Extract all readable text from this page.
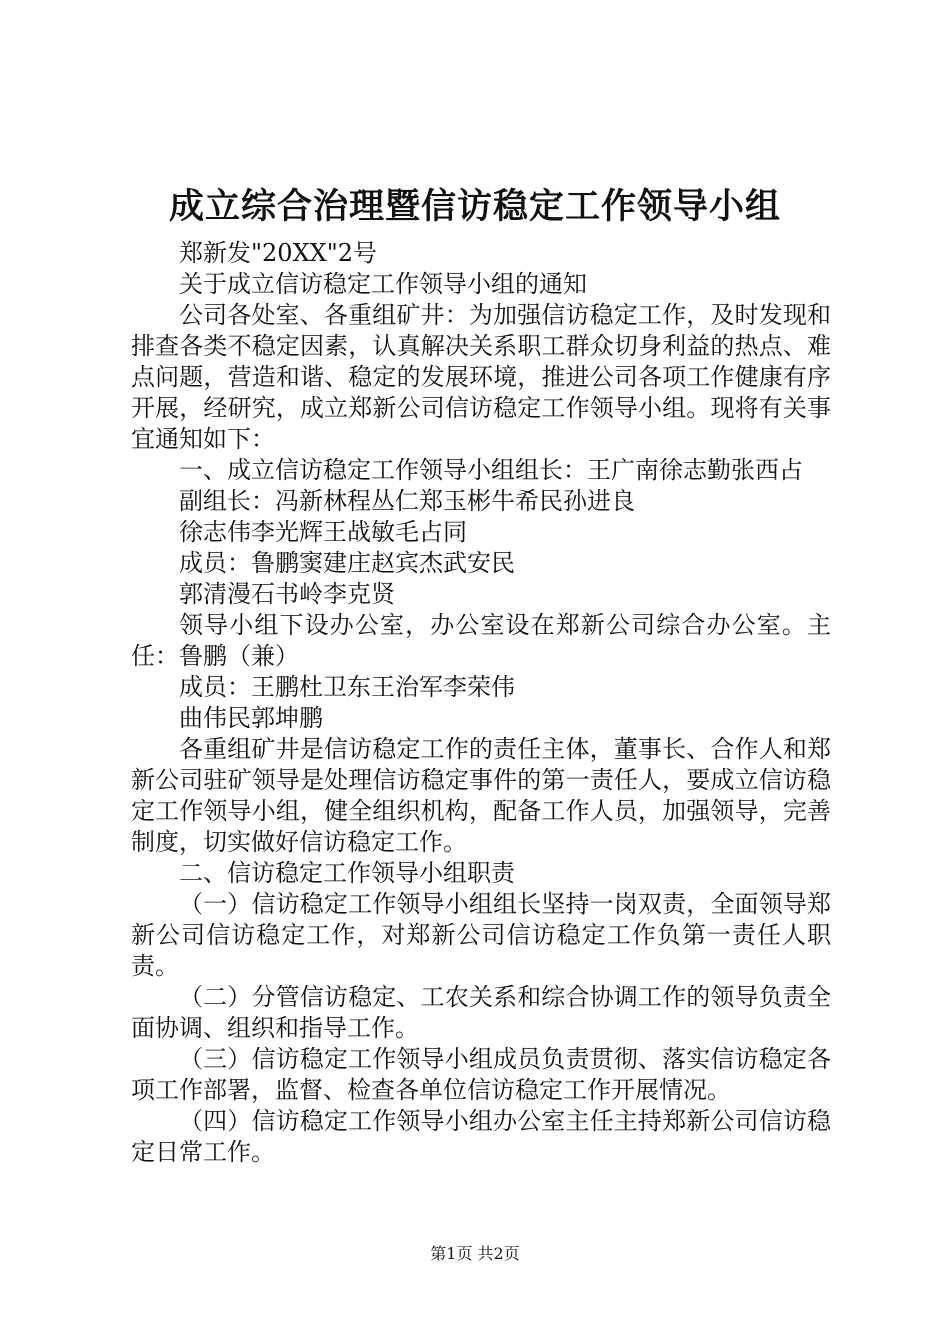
成立综合治理暨信访稳定工作领导小组

郑新发"20XX"2号

关于成立信访稳定工作领导小组的通知

公司各处室、各重组矿井：为加强信访稳定工作，及时发现和排查各类不稳定因素，认真解决关系职工群众切身利益的热点、难点问题，营造和谐、稳定的发展环境，推进公司各项工作健康有序开展，经研究，成立郑新公司信访稳定工作领导小组。现将有关事宜通知如下：

一、成立信访稳定工作领导小组组长：王广南徐志勤张西占

副组长：冯新林程丛仁郑玉彬牛希民孙进良

徐志伟李光辉王战敏毛占同

成员：鲁鹏窦建庄赵宾杰武安民

郭清漫石书岭李克贤

领导小组下设办公室，办公室设在郑新公司综合办公室。主任：鲁鹏（兼）

成员：王鹏杜卫东王治军李荣伟

曲伟民郭坤鹏

各重组矿井是信访稳定工作的责任主体，董事长、合作人和郑新公司驻矿领导是处理信访稳定事件的第一责任人，要成立信访稳定工作领导小组，健全组织机构，配备工作人员，加强领导，完善制度，切实做好信访稳定工作。

二、信访稳定工作领导小组职责

（一）信访稳定工作领导小组组长坚持一岗双责，全面领导郑新公司信访稳定工作，对郑新公司信访稳定工作负第一责任人职责。

（二）分管信访稳定、工农关系和综合协调工作的领导负责全面协调、组织和指导工作。

（三）信访稳定工作领导小组成员负责贯彻、落实信访稳定各项工作部署，监督、检查各单位信访稳定工作开展情况。

（四）信访稳定工作领导小组办公室主任主持郑新公司信访稳定日常工作。

第1页 共2页
